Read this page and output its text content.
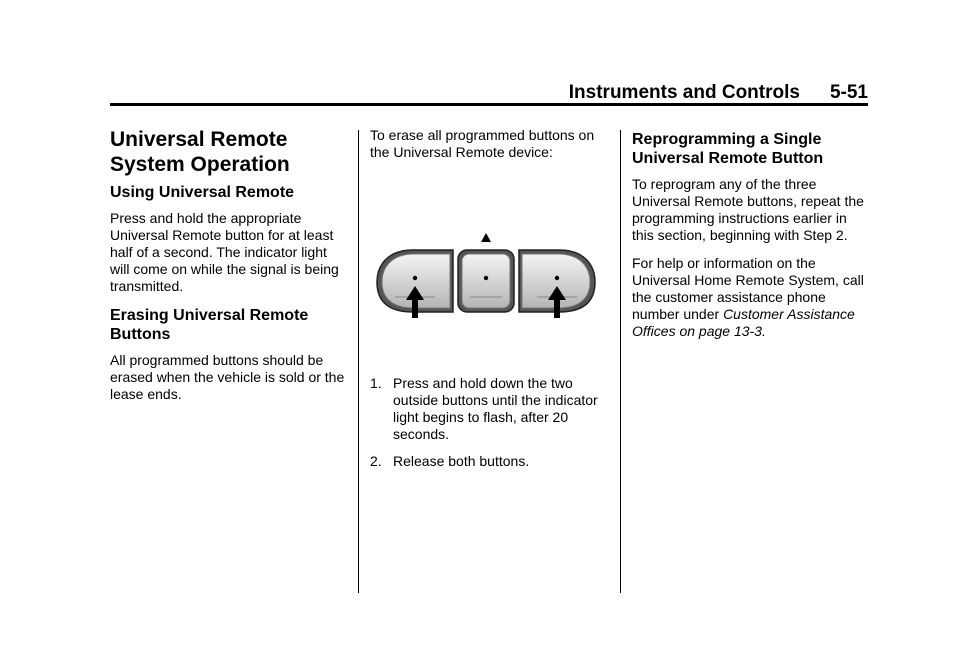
Instruments and Controls 5-51
Universal Remote System Operation
Using Universal Remote

Press and hold the appropriate Universal Remote button for at least half of a second. The indicator light will come on while the signal is being transmitted.

Erasing Universal Remote Buttons

All programmed buttons should be erased when the vehicle is sold or the lease ends.

To erase all programmed buttons on the Universal Remote device:

1. Press and hold down the two outside buttons until the indicator light begins to flash, after 20 seconds.
2. Release both buttons.
Reprogramming a Single Universal Remote Button

To reprogram any of the three Universal Remote buttons, repeat the programming instructions earlier in this section, beginning with Step 2.

For help or information on the Universal Home Remote System, call the customer assistance phone number under Customer Assistance Offices on page 13-3.
